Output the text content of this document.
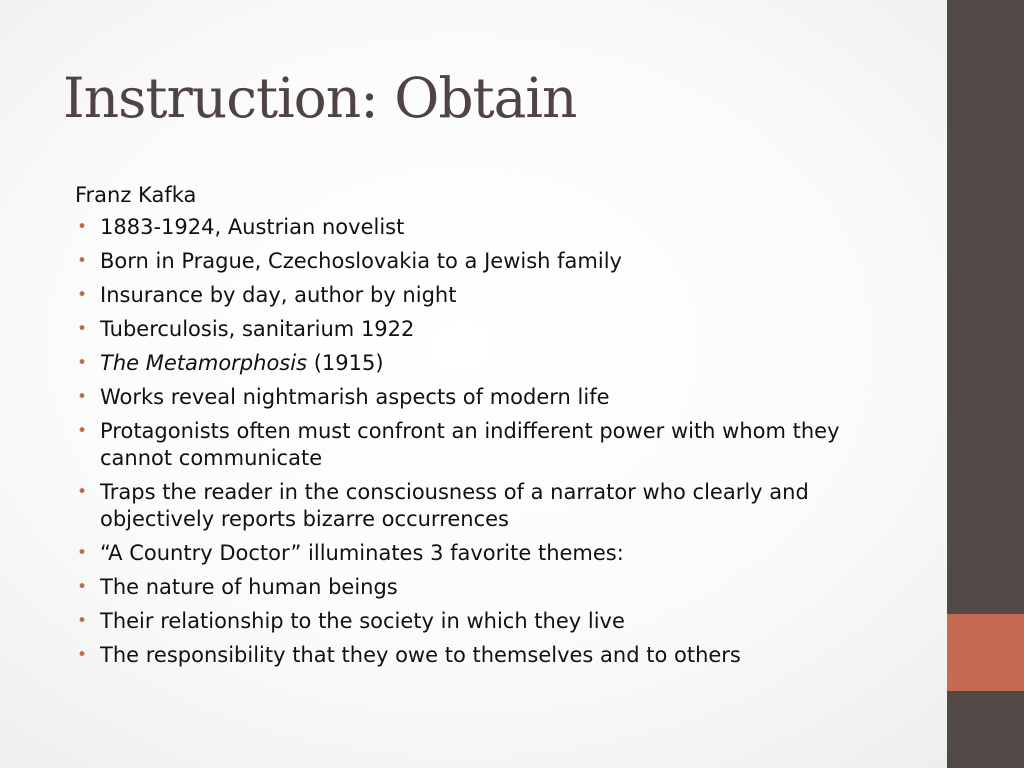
Instruction: Obtain
Franz Kafka
• 1883-1924, Austrian novelist
• Born in Prague, Czechoslovakia to a Jewish family
• Insurance by day, author by night
• Tuberculosis, sanitarium 1922
• The Metamorphosis (1915)
• Works reveal nightmarish aspects of modern life
• Protagonists often must confront an indifferent power with whom they cannot communicate
• Traps the reader in the consciousness of a narrator who clearly and objectively reports bizarre occurrences
• “A Country Doctor” illuminates 3 favorite themes:
• The nature of human beings
• Their relationship to the society in which they live
• The responsibility that they owe to themselves and to others
